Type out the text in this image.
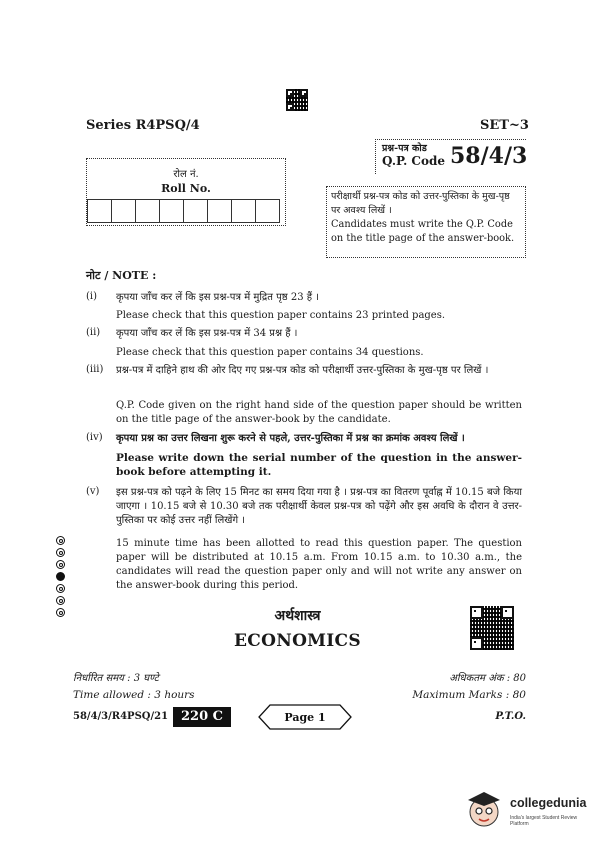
Series R4PSQ/4	SET~3
प्रश्न-पत्र कोड
Q.P. Code 58/4/3
रोल नं.
Roll No.
परीक्षार्थी प्रश्न-पत्र कोड को उत्तर-पुस्तिका के मुख-पृष्ठ पर अवश्य लिखें ।
Candidates must write the Q.P. Code on the title page of the answer-book.
नोट / NOTE :
(i) कृपया जाँच कर लें कि इस प्रश्न-पत्र में मुद्रित पृष्ठ 23 हैं ।
Please check that this question paper contains 23 printed pages.
(ii) कृपया जाँच कर लें कि इस प्रश्न-पत्र में 34 प्रश्न हैं ।
Please check that this question paper contains 34 questions.
(iii) प्रश्न-पत्र में दाहिने हाथ की ओर दिए गए प्रश्न-पत्र कोड को परीक्षार्थी उत्तर-पुस्तिका के मुख-पृष्ठ पर लिखें ।
Q.P. Code given on the right hand side of the question paper should be written on the title page of the answer-book by the candidate.
(iv) कृपया प्रश्न का उत्तर लिखना शुरू करने से पहले, उत्तर-पुस्तिका में प्रश्न का क्रमांक अवश्य लिखें ।
Please write down the serial number of the question in the answer-book before attempting it.
(v) इस प्रश्न-पत्र को पढ़ने के लिए 15 मिनट का समय दिया गया है । प्रश्न-पत्र का वितरण पूर्वाह्न में 10.15 बजे किया जाएगा । 10.15 बजे से 10.30 बजे तक परीक्षार्थी केवल प्रश्न-पत्र को पढ़ेंगे और इस अवधि के दौरान वे उत्तर-पुस्तिका पर कोई उत्तर नहीं लिखेंगे ।
15 minute time has been allotted to read this question paper. The question paper will be distributed at 10.15 a.m. From 10.15 a.m. to 10.30 a.m., the candidates will read the question paper only and will not write any answer on the answer-book during this period.
अर्थशास्त्र
ECONOMICS
निर्धारित समय : 3 घण्टे
Time allowed : 3 hours
अधिकतम अंक : 80
Maximum Marks : 80
58/4/3/R4PSQ/21 220 C	Page 1	P.T.O.
collegedunia
India's largest Student Review Platform
